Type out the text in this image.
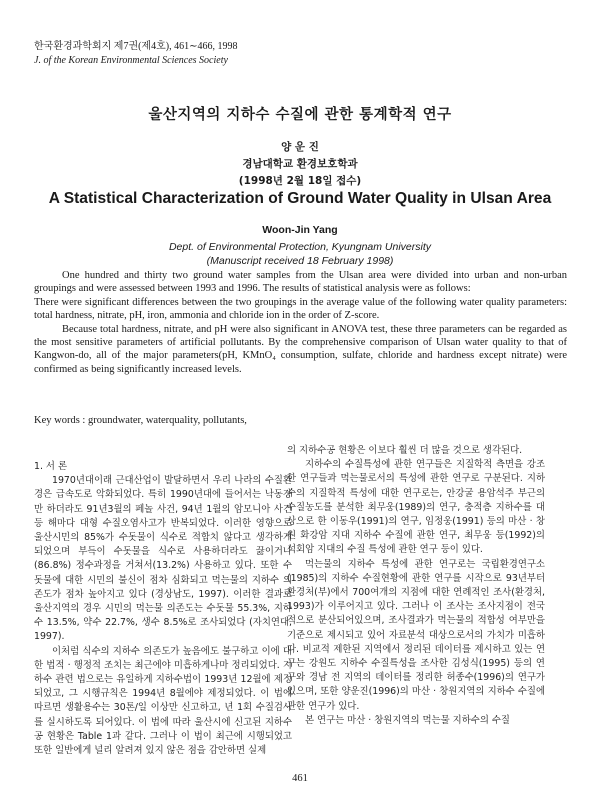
한국환경과학회지 제7권(제4호), 461∼466, 1998
J. of the Korean Environmental Sciences Society
울산지역의 지하수 수질에 관한 통계학적 연구
양 운 진
경남대학교 환경보호학과
(1998년 2월 18일 접수)
A Statistical Characterization of Ground Water Quality in Ulsan Area
Woon-Jin Yang
Dept. of Environmental Protection, Kyungnam University
(Manuscript received 18 February 1998)

One hundred and thirty two ground water samples from the Ulsan area were divided into urban and non-urban groupings and were assessed between 1993 and 1996. The results of statistical analysis were as follows:

There were significant differences between the two groupings in the average value of the following water quality parameters: total hardness, nitrate, pH, iron, ammonia and chloride ion in the order of Z-score.

Because total hardness, nitrate, and pH were also significant in ANOVA test, these three parameters can be regarded as the most sensitive parameters of artificial pollutants. By the comprehensive comparison of Ulsan water quality to that of Kangwon-do, all of the major parameters(pH, KMnO₄ consumption, sulfate, chloride and hardness except nitrate) were confirmed as being significantly increased levels.

Key words : groundwater, waterquality, pollutants,

1. 서 론

1970년대이래 근대산업이 발달하면서 우리 나라의 수질환경은 급속도로 악화되었다. 특히 1990년대에 들어서는 낙동강만 하더라도 91년3월의 페놀 사건, 94년 1월의 암모니아 사건 등 해마다 대형 수질오염사고가 반복되었다. 이러한 영향으로 울산시민의 85%가 수돗물이 식수로 적합치 않다고 생각하게 되었으며 부득이 수돗물을 식수로 사용하더라도 끓이거나(86.8%) 정수과정을 거쳐서(13.2%) 사용하고 있다. 또한 수돗물에 대한 시민의 불신이 점차 심화되고 먹는물의 지하수 의존도가 점차 높아지고 있다 (경상남도, 1997). 이러한 결과로 울산지역의 경우 시민의 먹는물 의존도는 수돗물 55.3%, 지하수 13.5%, 약수 22.7%, 생수 8.5%로 조사되었다 (자치연대, 1997).

이처럼 식수의 지하수 의존도가 높음에도 불구하고 이에 대한 법적 · 행정적 조치는 최근에야 미흡하게나마 정리되었다. 지하수 관련 법으로는 유일하게 지하수법이 1993년 12월에 제정되었고, 그 시행규칙은 1994년 8월에야 제정되었다. 이 법에 따르면 생활용수는 30톤/일 이상만 신고하고, 년 1회 수질검사를 실시하도록 되어있다. 이 법에 따라 울산시에 신고된 지하수공 현황은 Table 1과 같다. 그러나 이 법이 최근에 시행되었고 또한 일반에게 널리 알려져 있지 않은 점을 감안하면 실제

의 지하수공 현황은 이보다 훨씬 더 많을 것으로 생각된다.

지하수의 수질특성에 관한 연구들은 지질학적 측면을 강조한 연구들과 먹는물로서의 특성에 관한 연구로 구분된다. 지하수의 지질학적 특성에 대한 연구로는, 안강굴 용암석주 부근의 수질농도를 분석한 최무웅(1989)의 연구, 충적층 지하수를 대상으로 한 이동우(1991)의 연구, 임정웅(1991) 등의 마산 · 창원 화강암 지대 지하수 수질에 관한 연구, 최무웅 등(1992)의 석회암 지대의 수질 특성에 관한 연구 등이 있다.

먹는물의 지하수 특성에 관한 연구로는 국립환경연구소(1985)의 지하수 수질현황에 관한 연구를 시작으로 93년부터 환경처(부)에서 700여개의 지점에 대한 연례적인 조사(환경처, 1993)가 이루어지고 있다. 그러나 이 조사는 조사지점이 전국적으로 분산되어있으며, 조사결과가 먹는물의 적합성 여부만을 기준으로 제시되고 있어 자료분석 대상으로서의 가치가 미흡하다. 비교적 제한된 지역에서 정리된 데이터를 제시하고 있는 연구는 강원도 지하수 수질특성을 조사한 김성식(1995) 등의 연구와 경남 전 지역의 데이터를 정리한 허종수(1996)의 연구가 있으며, 또한 양운진(1996)의 마산 · 창원지역의 지하수 수질에 관한 연구가 있다.

본 연구는 마산 · 창원지역의 먹는물 지하수의 수질

461
